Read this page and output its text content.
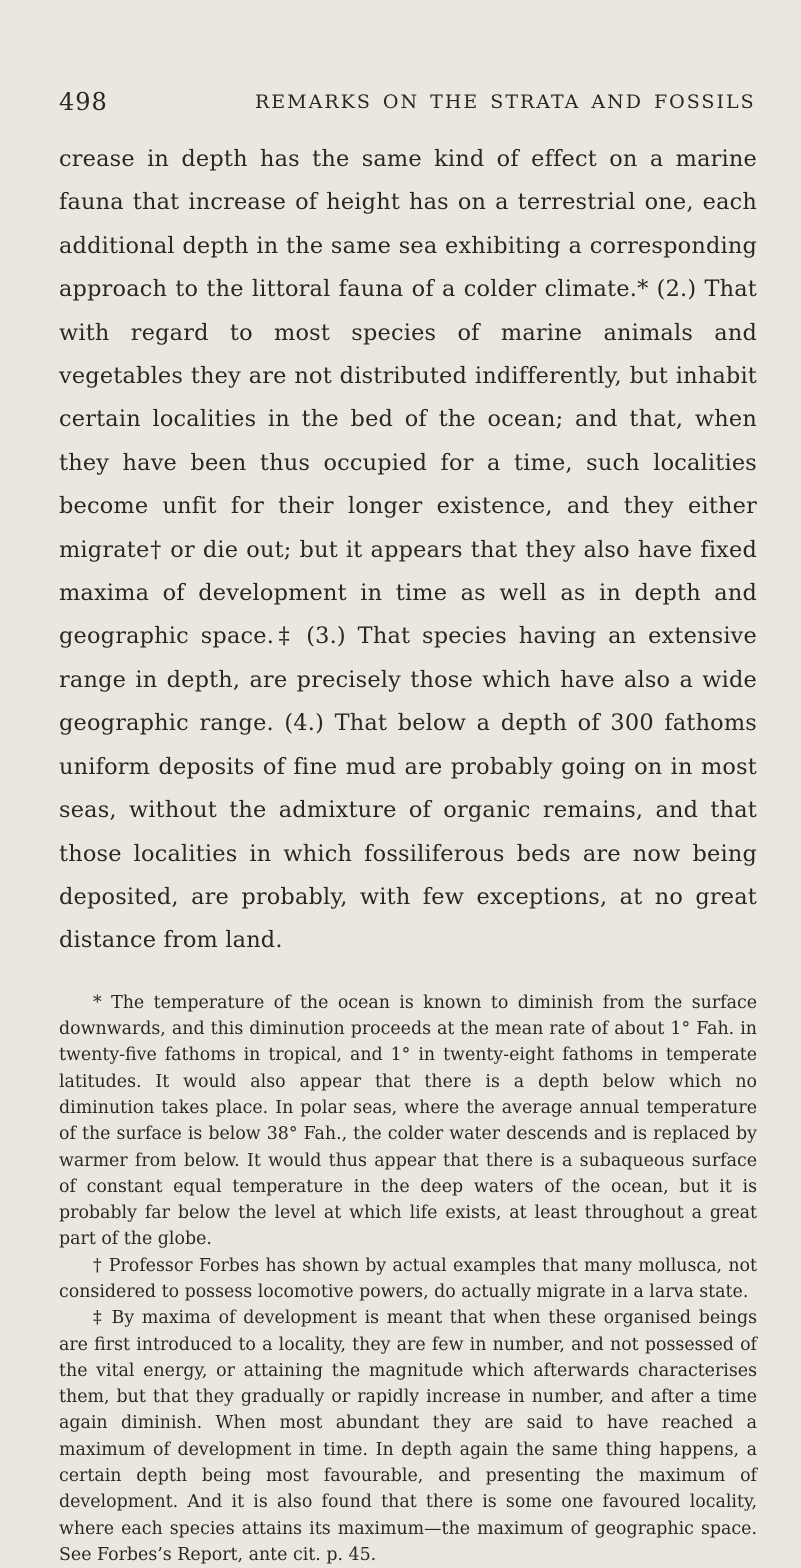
498	REMARKS ON THE STRATA AND FOSSILS

crease in depth has the same kind of effect on a marine fauna that increase of height has on a terrestrial one, each additional depth in the same sea exhibiting a corresponding approach to the littoral fauna of a colder climate.* (2.) That with regard to most species of marine animals and vegetables they are not distributed indifferently, but inhabit certain localities in the bed of the ocean; and that, when they have been thus occupied for a time, such localities become unfit for their longer existence, and they either migrate† or die out; but it appears that they also have fixed maxima of development in time as well as in depth and geographic space.‡ (3.) That species having an extensive range in depth, are precisely those which have also a wide geographic range. (4.) That below a depth of 300 fathoms uniform deposits of fine mud are probably going on in most seas, without the admixture of organic remains, and that those localities in which fossiliferous beds are now being deposited, are probably, with few exceptions, at no great distance from land.

* The temperature of the ocean is known to diminish from the surface downwards, and this diminution proceeds at the mean rate of about 1° Fah. in twenty-five fathoms in tropical, and 1° in twenty-eight fathoms in temperate latitudes. It would also appear that there is a depth below which no diminution takes place. In polar seas, where the average annual temperature of the surface is below 38° Fah., the colder water descends and is replaced by warmer from below. It would thus appear that there is a subaqueous surface of constant equal temperature in the deep waters of the ocean, but it is probably far below the level at which life exists, at least throughout a great part of the globe.

† Professor Forbes has shown by actual examples that many mollusca, not considered to possess locomotive powers, do actually migrate in a larva state.

‡ By maxima of development is meant that when these organised beings are first introduced to a locality, they are few in number, and not possessed of the vital energy, or attaining the magnitude which afterwards characterises them, but that they gradually or rapidly increase in number, and after a time again diminish. When most abundant they are said to have reached a maximum of development in time. In depth again the same thing happens, a certain depth being most favourable, and presenting the maximum of development. And it is also found that there is some one favoured locality, where each species attains its maximum—the maximum of geographic space. See Forbes’s Report, ante cit. p. 45.
